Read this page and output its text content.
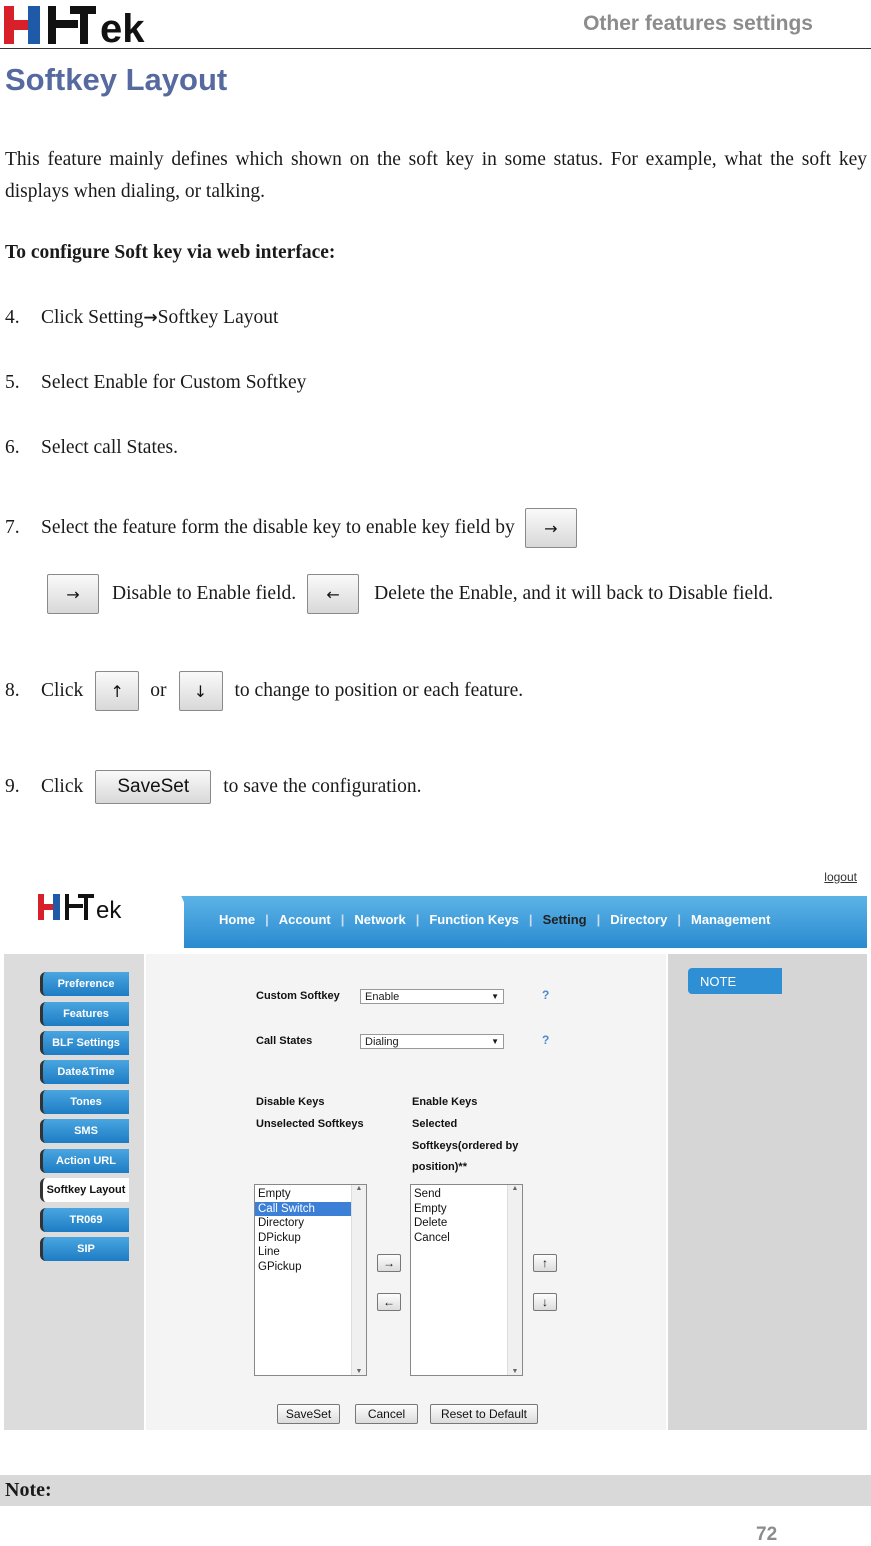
ek	Other features settings
Softkey Layout
This feature mainly defines which shown on the soft key in some status. For example, what the soft key displays when dialing, or talking.
To configure Soft key via web interface:
4.	Click Setting → Softkey Layout
5.	Select Enable for Custom Softkey
6.	Select call States.
7.	Select the feature form the disable key to enable key field by	→
→	Disable to Enable field.	←	Delete the Enable, and it will back to Disable field.
8.	Click	↑	or	↓	to change to position or each feature.
9.	Click	SaveSet	to save the configuration.
ek
logout
Home | Account | Network | Function Keys | Setting | Directory | Management
Preference
Features
BLF Settings
Date&Time
Tones
SMS
Action URL
Softkey Layout
TR069
SIP
NOTE
Custom Softkey Enable	▼	?
Call States	Dialing	▼	?
Disable Keys
Unselected Softkeys
Enable Keys
Selected
Softkeys(ordered by
position)**
Empty
Call Switch
Directory
DPickup
Line
GPickup
▲
▼
Send
Empty
Delete
Cancel
▲
▼
→
←
↑
↓
SaveSet	Cancel	Reset to Default
Note:
72
